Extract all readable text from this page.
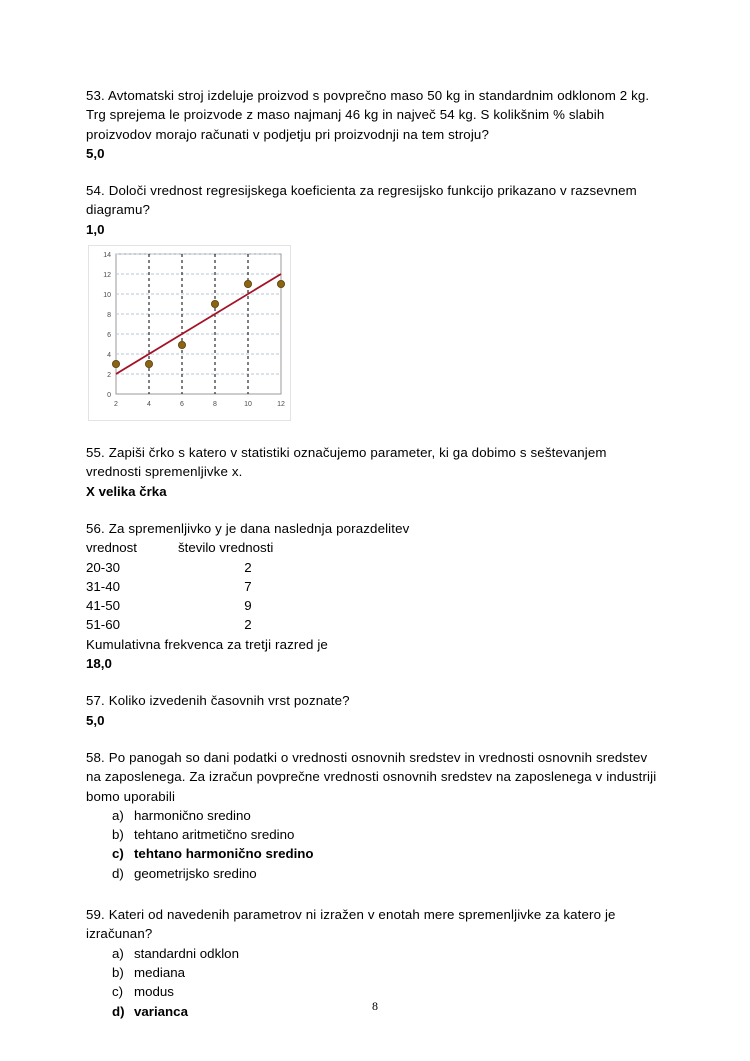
53. Avtomatski stroj izdeluje proizvod s povprečno maso 50 kg in standardnim odklonom 2 kg. Trg sprejema le proizvode z maso najmanj 46 kg in največ 54 kg. S kolikšnim % slabih proizvodov morajo računati v podjetju pri proizvodnji na tem stroju?
5,0
54. Določi vrednost regresijskega koeficienta za regresijsko funkcijo prikazano v razsevnem diagramu?
1,0
0
2
4
6
8
10
12
14
2	4	6	8	10	12
55. Zapiši črko s katero v statistiki označujemo parameter, ki ga dobimo s seštevanjem vrednosti spremenljivke x.
X velika črka
56. Za spremenljivko y je dana naslednja porazdelitev
vrednost	število vrednosti
20-30	2
31-40	7
41-50	9
51-60	2
Kumulativna frekvenca za tretji razred je
18,0
57. Koliko izvedenih časovnih vrst poznate?
5,0
58. Po panogah so dani podatki o vrednosti osnovnih sredstev in vrednosti osnovnih sredstev na zaposlenega. Za izračun povprečne vrednosti osnovnih sredstev na zaposlenega v industriji bomo uporabili
a) harmonično sredino
b) tehtano aritmetično sredino
c) tehtano harmonično sredino
d) geometrijsko sredino
59. Kateri od navedenih parametrov ni izražen v enotah mere spremenljivke za katero je izračunan?
a) standardni odklon
b) mediana
c) modus
d) varianca	8
